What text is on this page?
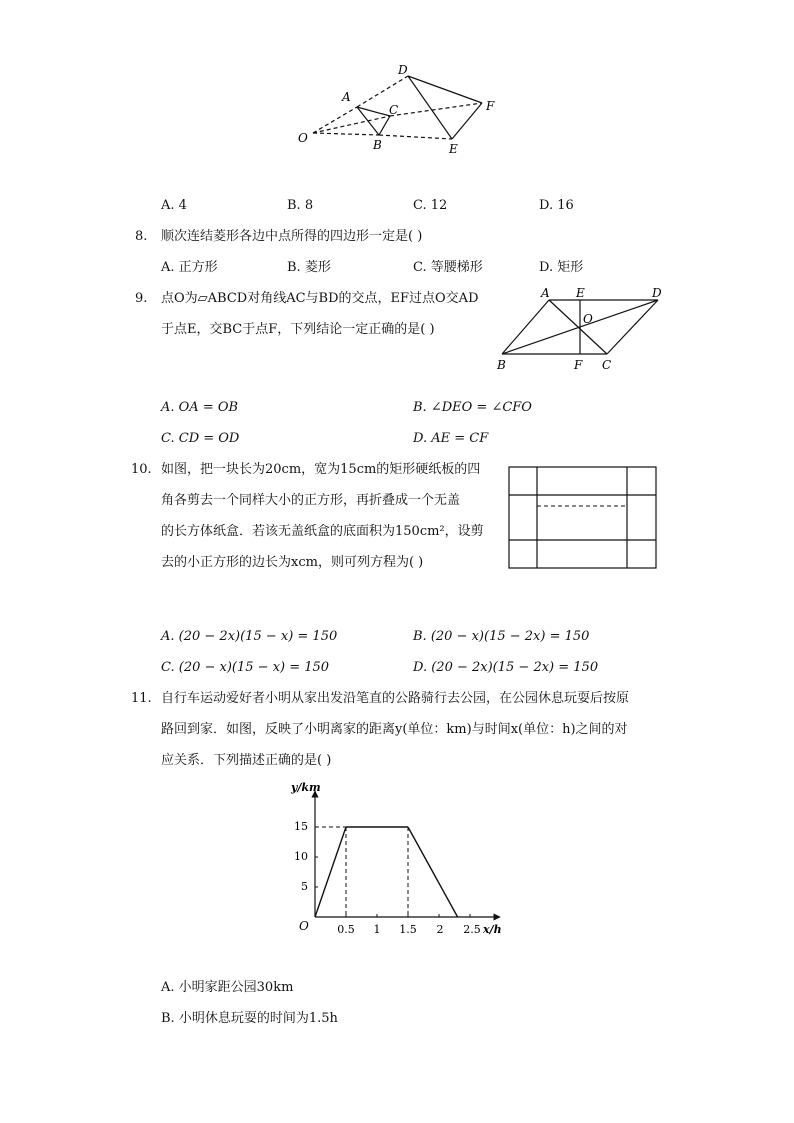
D
A
C	F
O	B	E
A. 4	B. 8	C. 12	D. 16
8. 顺次连结菱形各边中点所得的四边形一定是( )
A. 正方形	B. 菱形	C. 等腰梯形	D. 矩形
9. 点O为▱ABCD对角线AC与BD的交点，EF过点O交AD
于点E，交BC于点F，下列结论一定正确的是( )
A E	D
O
B	F C
A. OA = OB	B. ∠DEO = ∠CFO
C. CD = OD	D. AE = CF
10. 如图，把一块长为20cm，宽为15cm的矩形硬纸板的四
角各剪去一个同样大小的正方形，再折叠成一个无盖
的长方体纸盒．若该无盖纸盒的底面积为150cm²，设剪
去的小正方形的边长为xcm，则可列方程为( )
A. (20 − 2x)(15 − x) = 150	B. (20 − x)(15 − 2x) = 150
C. (20 − x)(15 − x) = 150	D. (20 − 2x)(15 − 2x) = 150
11. 自行车运动爱好者小明从家出发沿笔直的公路骑行去公园，在公园休息玩耍后按原
路回到家．如图，反映了小明离家的距离y(单位：km)与时间x(单位：h)之间的对
应关系．下列描述正确的是( )
y/km
x/h
O	0.5 1 1.5 2 2.5
5
10
15
A. 小明家距公园30km
B. 小明休息玩耍的时间为1.5h
